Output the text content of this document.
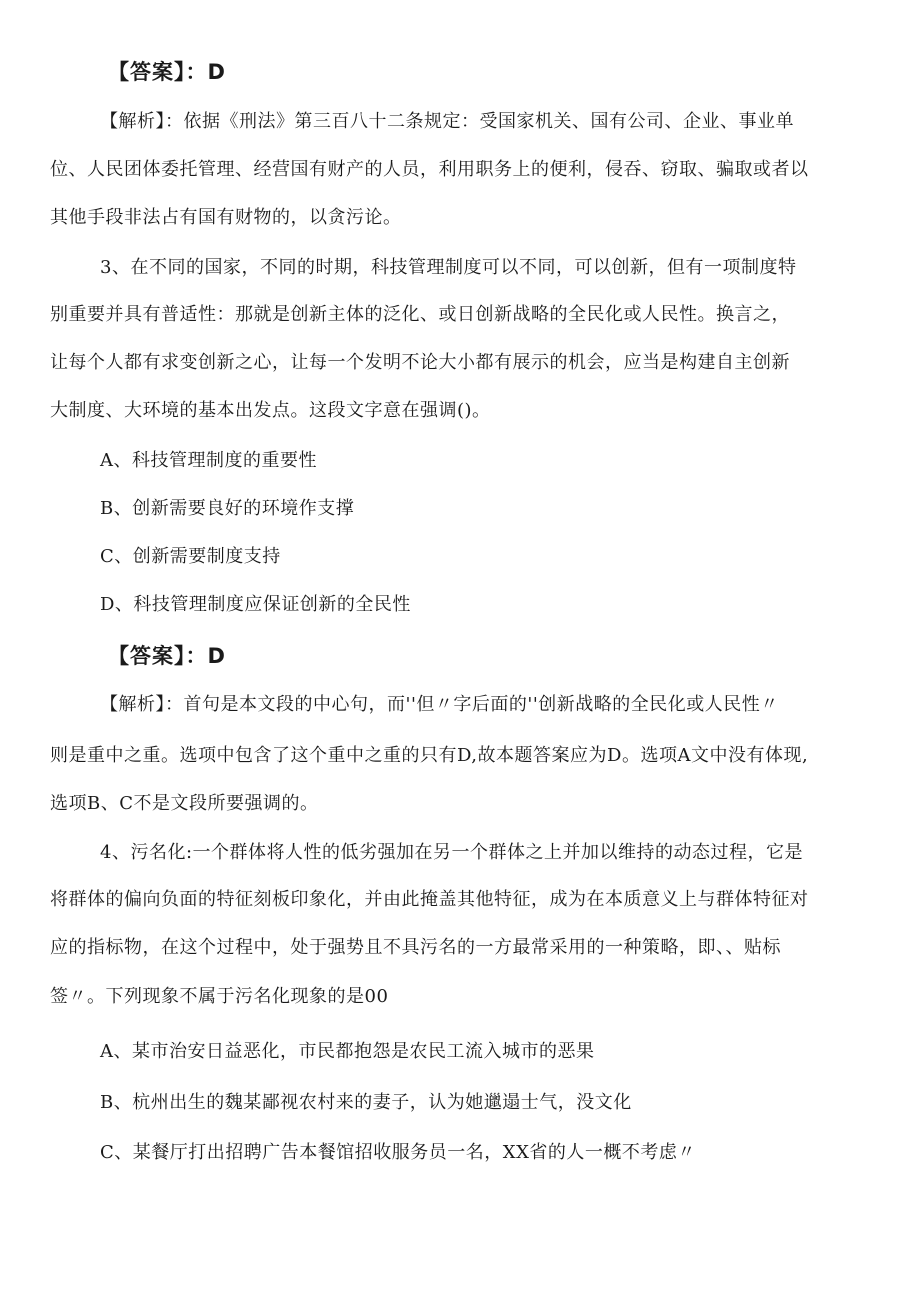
【答案】：D
【解析】：依据《刑法》第三百八十二条规定：受国家机关、国有公司、企业、事业单
位、人民团体委托管理、经营国有财产的人员，利用职务上的便利，侵吞、窃取、骗取或者以
其他手段非法占有国有财物的，以贪污论。
3、在不同的国家，不同的时期，科技管理制度可以不同，可以创新，但有一项制度特
别重要并具有普适性：那就是创新主体的泛化、或日创新战略的全民化或人民性。换言之，
让每个人都有求变创新之心，让每一个发明不论大小都有展示的机会，应当是构建自主创新
大制度、大环境的基本出发点。这段文字意在强调()。
A、科技管理制度的重要性
B、创新需要良好的环境作支撑
C、创新需要制度支持
D、科技管理制度应保证创新的全民性
【答案】：D
【解析】：首句是本文段的中心句，而''但〃字后面的''创新战略的全民化或人民性〃
则是重中之重。选项中包含了这个重中之重的只有D,故本题答案应为D。选项A文中没有体现,
选项B、C不是文段所要强调的。
4、污名化:一个群体将人性的低劣强加在另一个群体之上并加以维持的动态过程，它是
将群体的偏向负面的特征刻板印象化，并由此掩盖其他特征，成为在本质意义上与群体特征对
应的指标物，在这个过程中，处于强势且不具污名的一方最常采用的一种策略，即、、贴标
签〃。下列现象不属于污名化现象的是00
A、某市治安日益恶化，市民都抱怨是农民工流入城市的恶果
B、杭州出生的魏某鄙视农村来的妻子，认为她邋遢士气，没文化
C、某餐厅打出招聘广告本餐馆招收服务员一名，XX省的人一概不考虑〃
